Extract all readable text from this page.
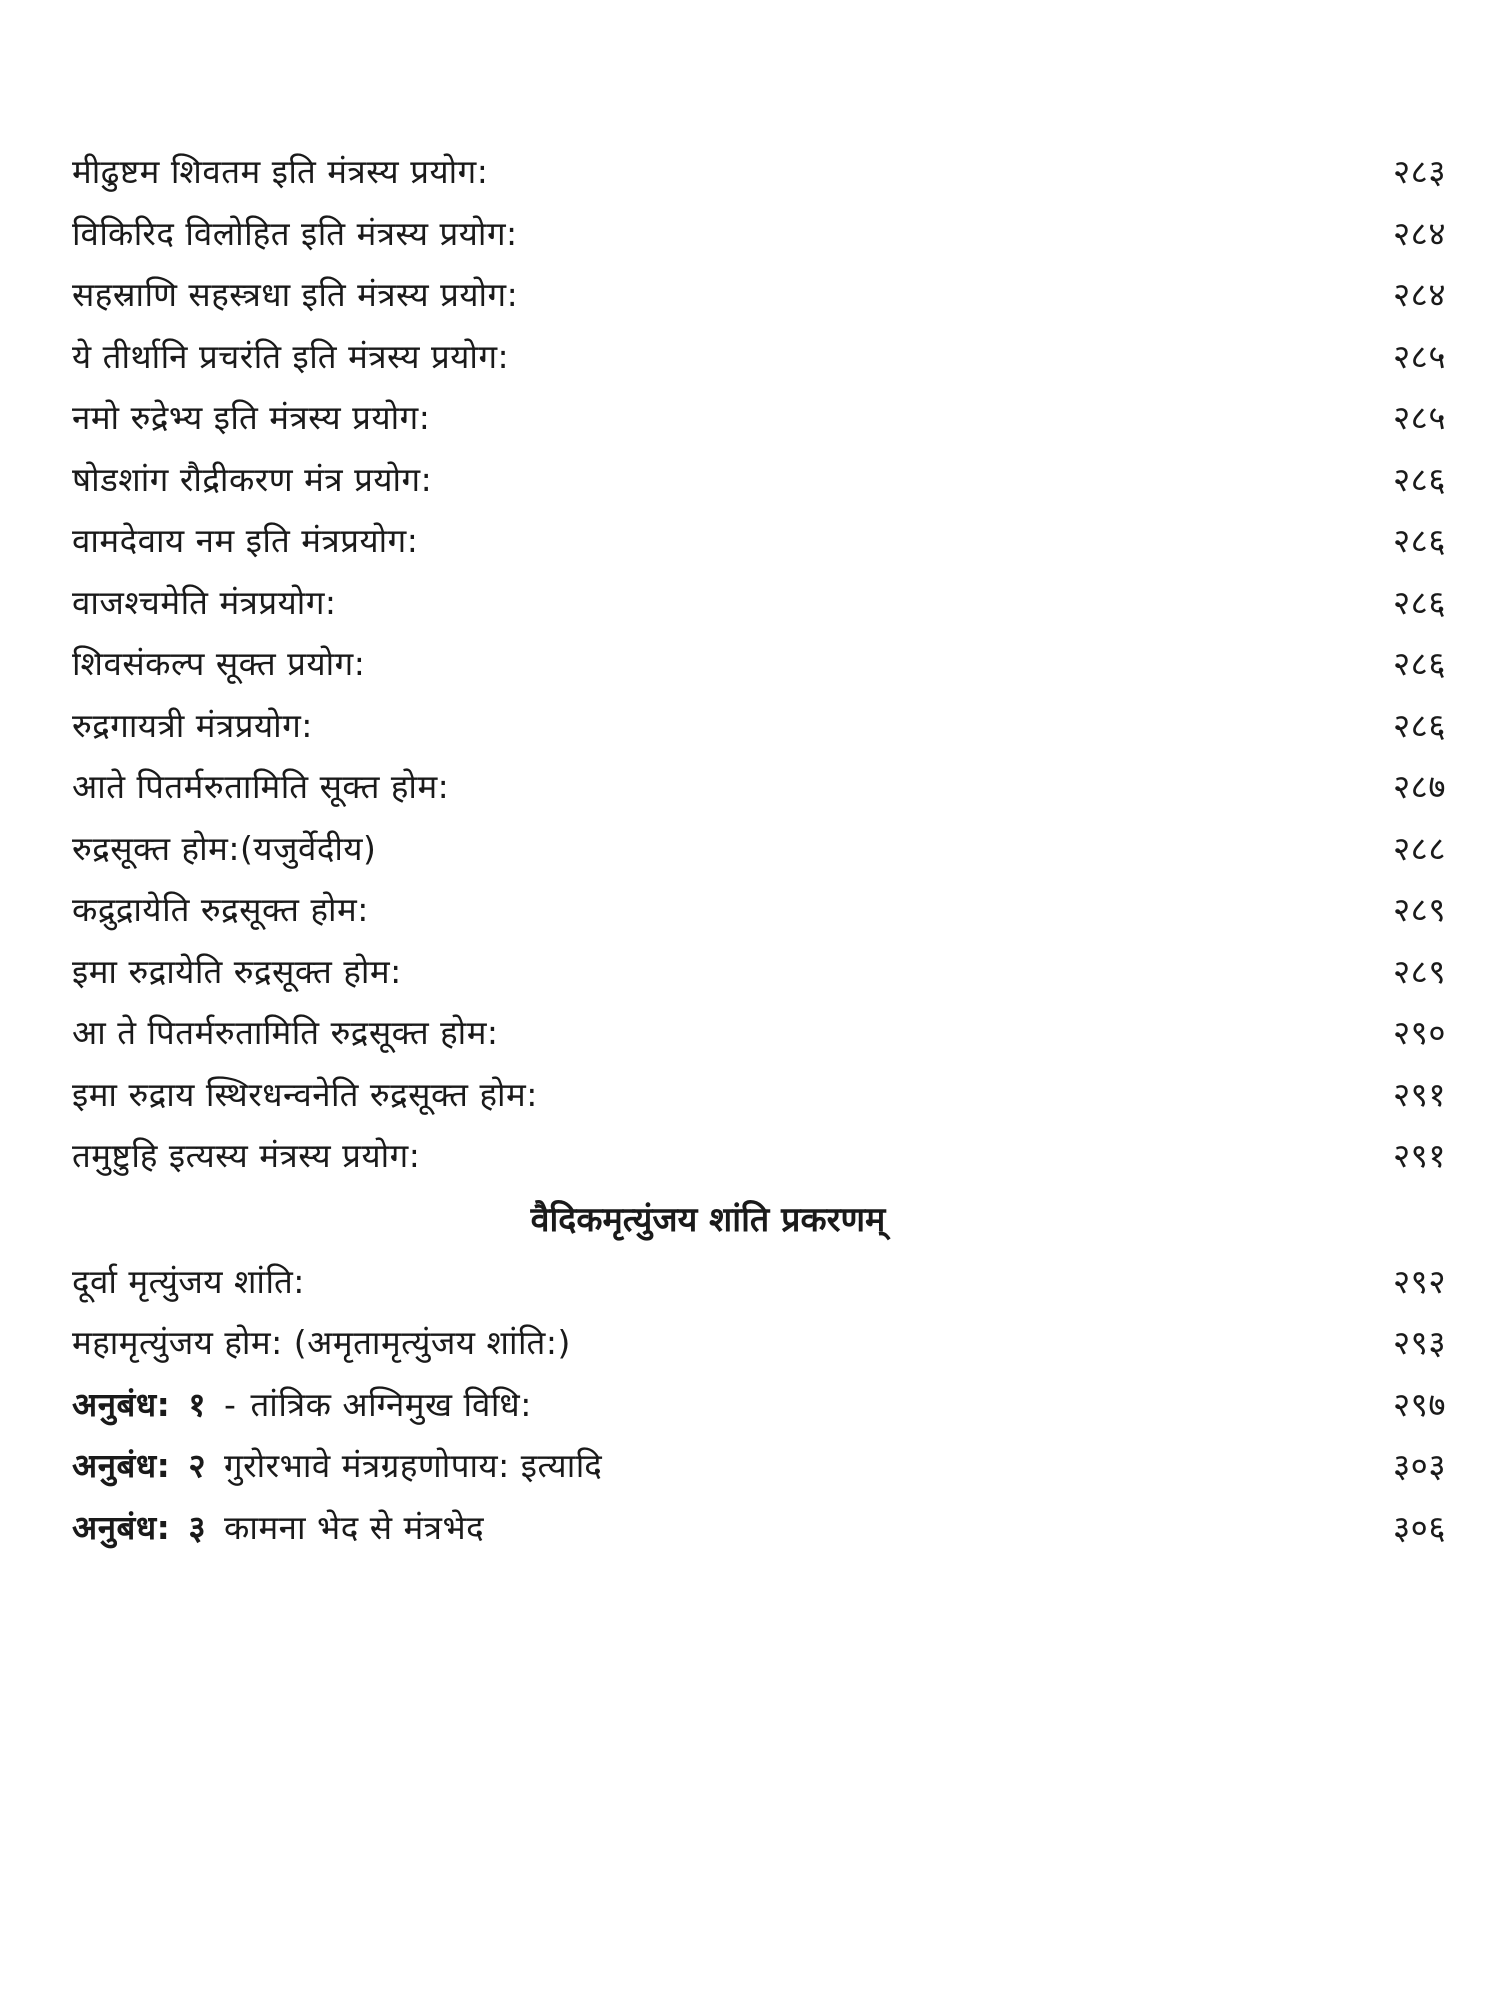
मीढुष्टम शिवतम इति मंत्रस्य प्रयोग:	२८३
विकिरिद विलोहित इति मंत्रस्य प्रयोग:	२८४
सहस्राणि सहस्त्रधा इति मंत्रस्य प्रयोग:	२८४
ये तीर्थानि प्रचरंति इति मंत्रस्य प्रयोग:	२८५
नमो रुद्रेभ्य इति मंत्रस्य प्रयोग:	२८५
षोडशांग रौद्रीकरण मंत्र प्रयोग:	२८६
वामदेवाय नम इति मंत्रप्रयोग:	२८६
वाजश्चमेति मंत्रप्रयोग:	२८६
शिवसंकल्प सूक्त प्रयोग:	२८६
रुद्रगायत्री मंत्रप्रयोग:	२८६
आते पितर्मरुतामिति सूक्त होम:	२८७
रुद्रसूक्त होम:(यजुर्वेदीय)	२८८
कद्रुद्रायेति रुद्रसूक्त होम:	२८९
इमा रुद्रायेति रुद्रसूक्त होम:	२८९
आ ते पितर्मरुतामिति रुद्रसूक्त होम:	२९०
इमा रुद्राय स्थिरधन्वनेति रुद्रसूक्त होम:	२९१
तमुष्टुहि इत्यस्य मंत्रस्य प्रयोग:	२९१
वैदिकमृत्युंजय शांति प्रकरणम्
दूर्वा मृत्युंजय शांति:	२९२
महामृत्युंजय होम: (अमृतामृत्युंजय शांति:)	२९३
अनुबंध: १ - तांत्रिक अग्निमुख विधि:	२९७
अनुबंध: २ गुरोरभावे मंत्रग्रहणोपाय: इत्यादि	३०३
अनुबंध: ३ कामना भेद से मंत्रभेद	३०६
